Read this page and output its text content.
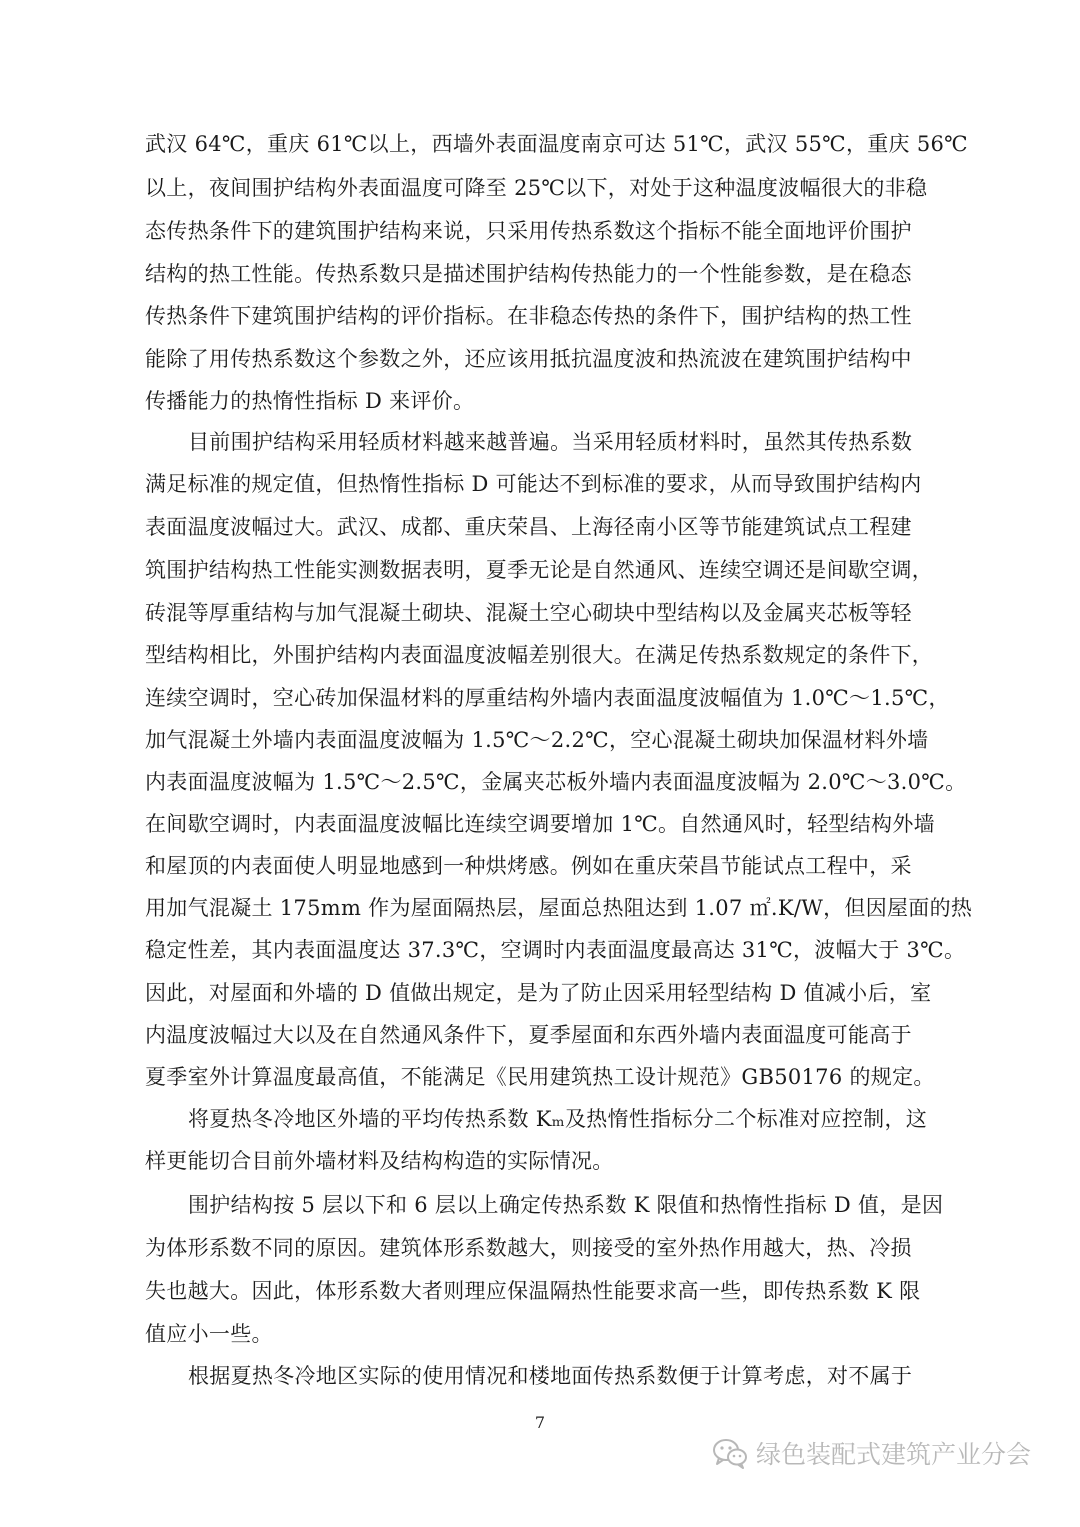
武汉 64℃，重庆 61℃以上，西墙外表面温度南京可达 51℃，武汉 55℃，重庆 56℃
以上，夜间围护结构外表面温度可降至 25℃以下，对处于这种温度波幅很大的非稳
态传热条件下的建筑围护结构来说，只采用传热系数这个指标不能全面地评价围护
结构的热工性能。传热系数只是描述围护结构传热能力的一个性能参数，是在稳态
传热条件下建筑围护结构的评价指标。在非稳态传热的条件下，围护结构的热工性
能除了用传热系数这个参数之外，还应该用抵抗温度波和热流波在建筑围护结构中
传播能力的热惰性指标 D 来评价。
目前围护结构采用轻质材料越来越普遍。当采用轻质材料时，虽然其传热系数
满足标准的规定值，但热惰性指标 D 可能达不到标准的要求，从而导致围护结构内
表面温度波幅过大。武汉、成都、重庆荣昌、上海径南小区等节能建筑试点工程建
筑围护结构热工性能实测数据表明，夏季无论是自然通风、连续空调还是间歇空调，
砖混等厚重结构与加气混凝土砌块、混凝土空心砌块中型结构以及金属夹芯板等轻
型结构相比，外围护结构内表面温度波幅差别很大。在满足传热系数规定的条件下，
连续空调时，空心砖加保温材料的厚重结构外墙内表面温度波幅值为 1.0℃～1.5℃，
加气混凝土外墙内表面温度波幅为 1.5℃～2.2℃，空心混凝土砌块加保温材料外墙
内表面温度波幅为 1.5℃～2.5℃，金属夹芯板外墙内表面温度波幅为 2.0℃～3.0℃。
在间歇空调时，内表面温度波幅比连续空调要增加 1℃。自然通风时，轻型结构外墙
和屋顶的内表面使人明显地感到一种烘烤感。例如在重庆荣昌节能试点工程中，采
用加气混凝土 175mm 作为屋面隔热层，屋面总热阻达到 1.07 ㎡.K/W，但因屋面的热
稳定性差，其内表面温度达 37.3℃，空调时内表面温度最高达 31℃，波幅大于 3℃。
因此，对屋面和外墙的 D 值做出规定，是为了防止因采用轻型结构 D 值减小后，室
内温度波幅过大以及在自然通风条件下，夏季屋面和东西外墙内表面温度可能高于
夏季室外计算温度最高值，不能满足《民用建筑热工设计规范》GB50176 的规定。
将夏热冬冷地区外墙的平均传热系数 Kₘ及热惰性指标分二个标准对应控制，这
样更能切合目前外墙材料及结构构造的实际情况。
围护结构按 5 层以下和 6 层以上确定传热系数 K 限值和热惰性指标 D 值，是因
为体形系数不同的原因。建筑体形系数越大，则接受的室外热作用越大，热、冷损
失也越大。因此，体形系数大者则理应保温隔热性能要求高一些，即传热系数 K 限
值应小一些。
根据夏热冬冷地区实际的使用情况和楼地面传热系数便于计算考虑，对不属于
7
绿色装配式建筑产业分会
